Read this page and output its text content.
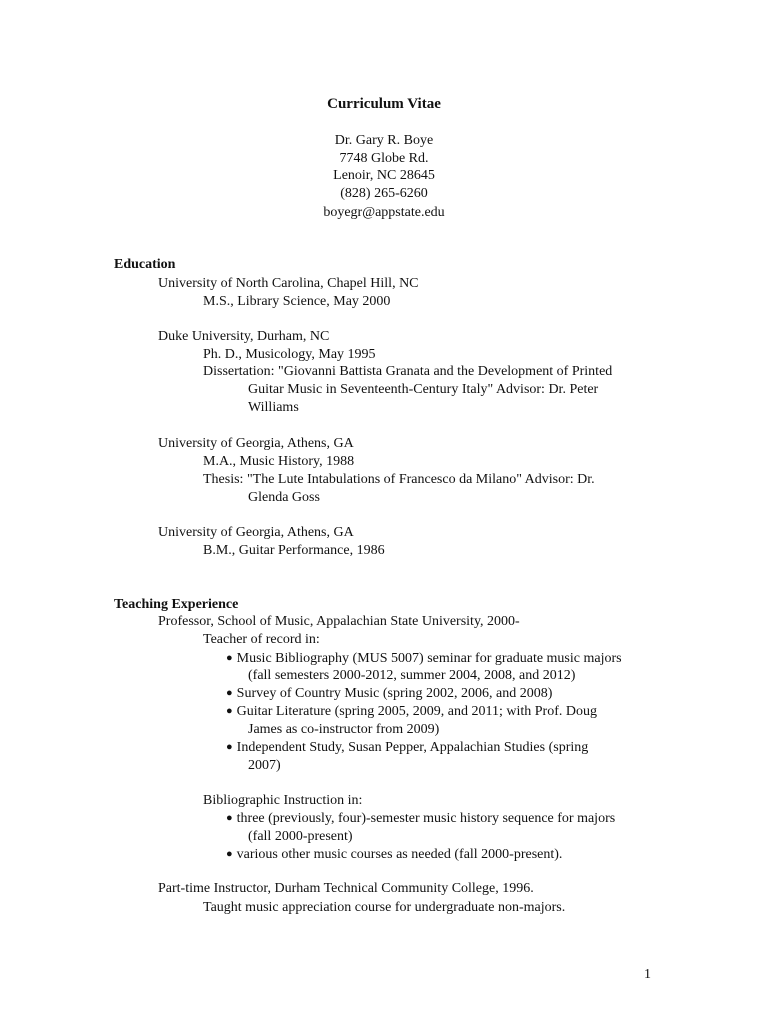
Curriculum Vitae
Dr. Gary R. Boye
7748 Globe Rd.
Lenoir, NC 28645
(828) 265-6260
boyegr@appstate.edu
Education
University of North Carolina, Chapel Hill, NC
M.S., Library Science, May 2000
Duke University, Durham, NC
Ph. D., Musicology, May 1995
Dissertation: "Giovanni Battista Granata and the Development of Printed
Guitar Music in Seventeenth-Century Italy" Advisor: Dr. Peter
Williams
University of Georgia, Athens, GA
M.A., Music History, 1988
Thesis: "The Lute Intabulations of Francesco da Milano" Advisor: Dr.
Glenda Goss
University of Georgia, Athens, GA
B.M., Guitar Performance, 1986
Teaching Experience
Professor, School of Music, Appalachian State University, 2000-
Teacher of record in:
● Music Bibliography (MUS 5007) seminar for graduate music majors
(fall semesters 2000-2012, summer 2004, 2008, and 2012)
● Survey of Country Music (spring 2002, 2006, and 2008)
● Guitar Literature (spring 2005, 2009, and 2011; with Prof. Doug
James as co-instructor from 2009)
● Independent Study, Susan Pepper, Appalachian Studies (spring
2007)
Bibliographic Instruction in:
● three (previously, four)-semester music history sequence for majors
(fall 2000-present)
● various other music courses as needed (fall 2000-present).
Part-time Instructor, Durham Technical Community College, 1996.
Taught music appreciation course for undergraduate non-majors.
1
